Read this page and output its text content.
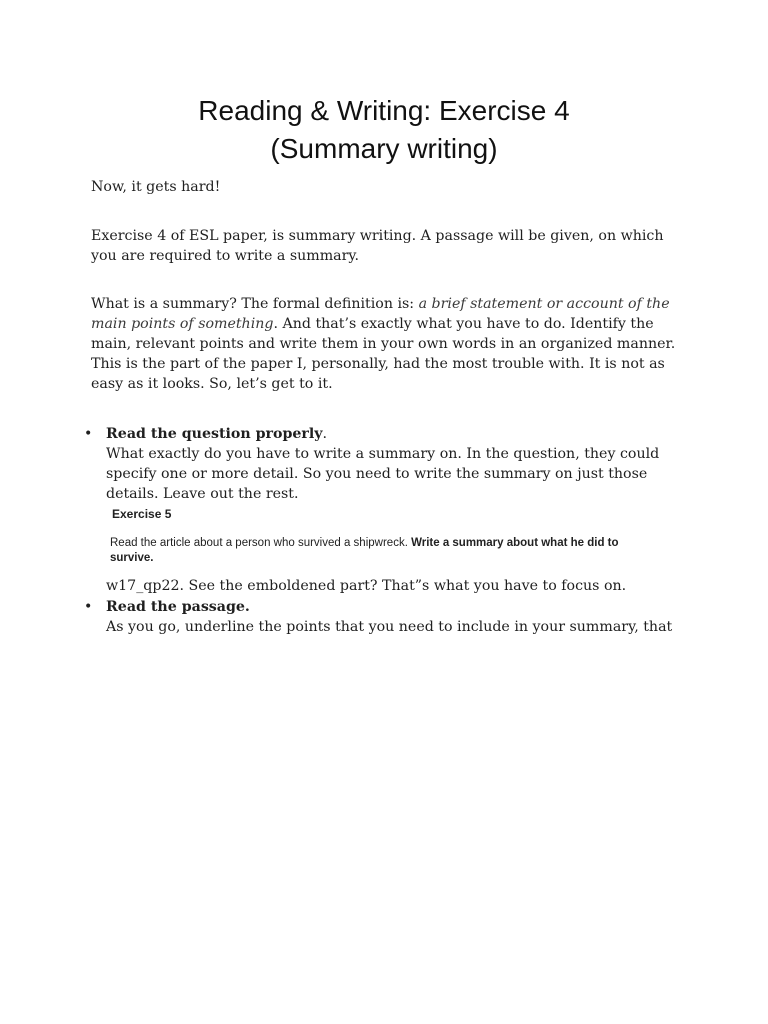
Reading & Writing: Exercise 4
(Summary writing)

Now, it gets hard!

Exercise 4 of ESL paper, is summary writing. A passage will be given, on which
you are required to write a summary.

What is a summary? The formal definition is: a brief statement or account of the
main points of something. And that’s exactly what you have to do. Identify the
main, relevant points and write them in your own words in an organized manner.
This is the part of the paper I, personally, had the most trouble with. It is not as
easy as it looks. So, let’s get to it.

• Read the question properly.
What exactly do you have to write a summary on. In the question, they could
specify one or more detail. So you need to write the summary on just those
details. Leave out the rest.
Exercise 5
Read the article about a person who survived a shipwreck. Write a summary about what he did to
survive.

w17_qp22. See the emboldened part? That”s what you have to focus on.

• Read the passage.
As you go, underline the points that you need to include in your summary, that
